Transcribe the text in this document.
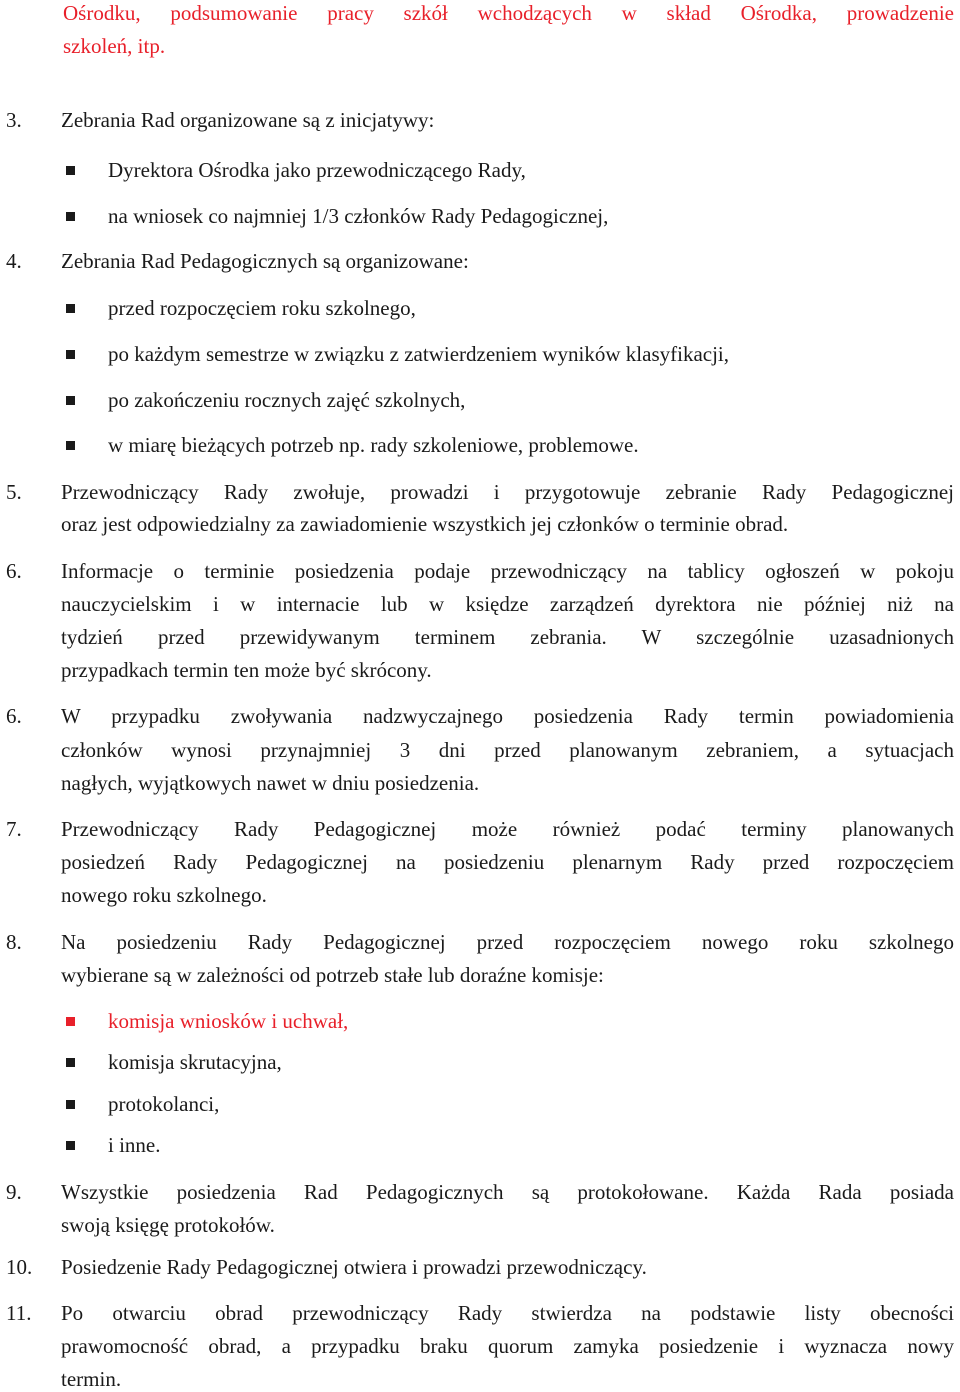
Ośrodku, podsumowanie pracy szkół wchodzących w skład Ośrodka, prowadzenie
szkoleń, itp.
3. Zebrania Rad organizowane są z inicjatywy:
Dyrektora Ośrodka jako przewodniczącego Rady,
na wniosek co najmniej 1/3 członków Rady Pedagogicznej,
4. Zebrania Rad Pedagogicznych są organizowane:
przed rozpoczęciem roku szkolnego,
po każdym semestrze w związku z zatwierdzeniem wyników klasyfikacji,
po zakończeniu rocznych zajęć szkolnych,
w miarę bieżących potrzeb np. rady szkoleniowe, problemowe.
5. Przewodniczący Rady zwołuje, prowadzi i przygotowuje zebranie Rady Pedagogicznej
oraz jest odpowiedzialny za zawiadomienie wszystkich jej członków o terminie obrad.
6. Informacje o terminie posiedzenia podaje przewodniczący na tablicy ogłoszeń w pokoju
nauczycielskim i w internacie lub w księdze zarządzeń dyrektora nie później niż na
tydzień przed przewidywanym terminem zebrania. W szczególnie uzasadnionych
przypadkach termin ten może być skrócony.
6. W przypadku zwoływania nadzwyczajnego posiedzenia Rady termin powiadomienia
członków wynosi przynajmniej 3 dni przed planowanym zebraniem, a sytuacjach
nagłych, wyjątkowych nawet w dniu posiedzenia.
7. Przewodniczący Rady Pedagogicznej może również podać terminy planowanych
posiedzeń Rady Pedagogicznej na posiedzeniu plenarnym Rady przed rozpoczęciem
nowego roku szkolnego.
8. Na posiedzeniu Rady Pedagogicznej przed rozpoczęciem nowego roku szkolnego
wybierane są w zależności od potrzeb stałe lub doraźne komisje:
komisja wniosków i uchwał,
komisja skrutacyjna,
protokolanci,
i inne.
9. Wszystkie posiedzenia Rad Pedagogicznych są protokołowane. Każda Rada posiada
swoją księgę protokołów.
10. Posiedzenie Rady Pedagogicznej otwiera i prowadzi przewodniczący.
11. Po otwarciu obrad przewodniczący Rady stwierdza na podstawie listy obecności
prawomocność obrad, a przypadku braku quorum zamyka posiedzenie i wyznacza nowy
termin.
